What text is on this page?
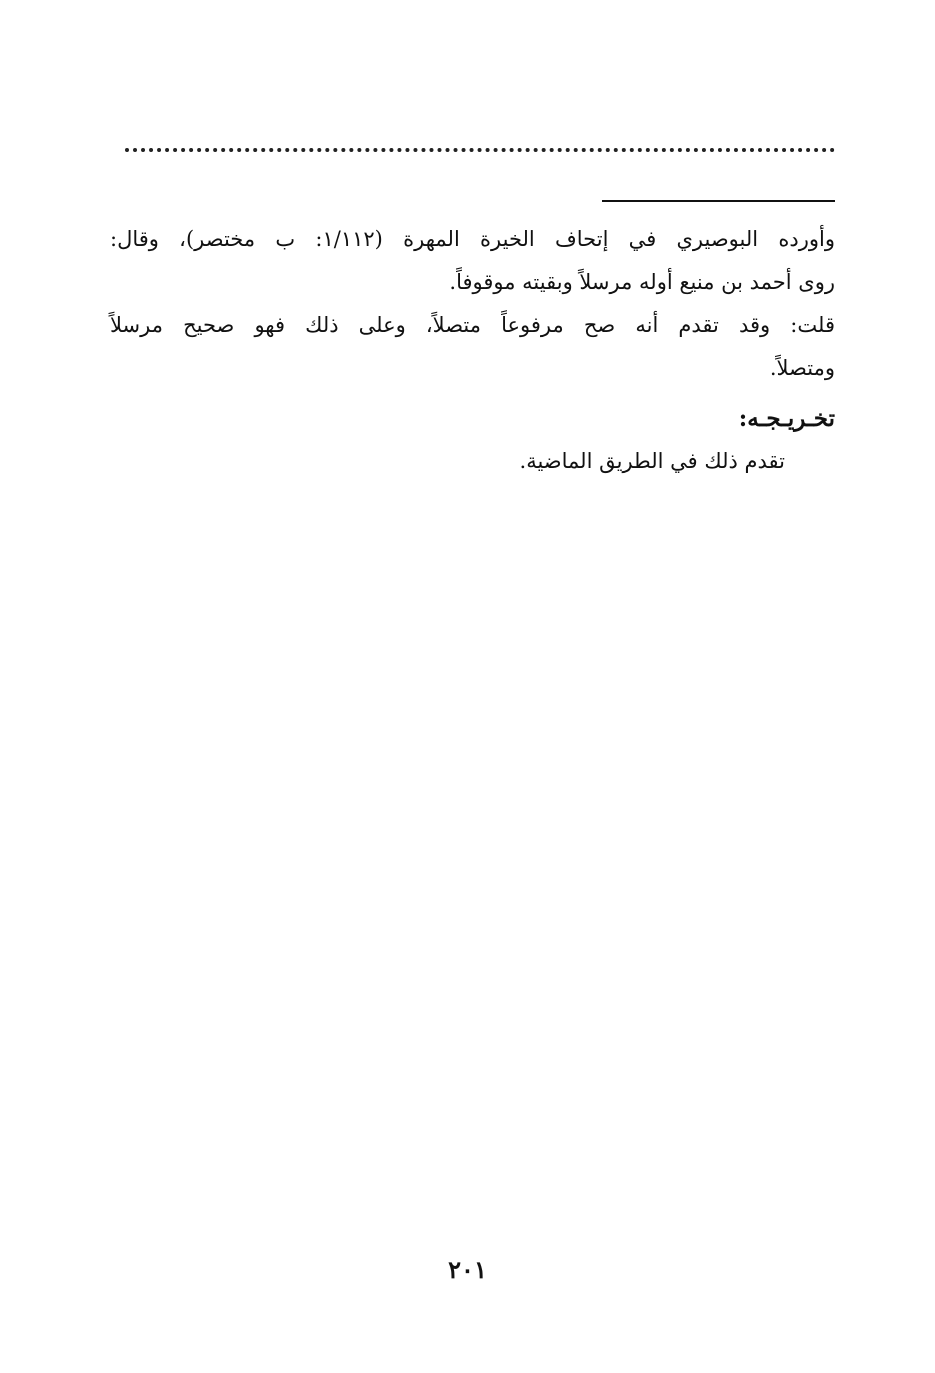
وأورده البوصيري في إتحاف الخيرة المهرة (١/١١٢: ب مختصر)، وقال:
روى أحمد بن منيع أوله مرسلاً وبقيته موقوفاً.
قلت: وقد تقدم أنه صح مرفوعاً متصلاً، وعلى ذلك فهو صحيح مرسلاً
ومتصلاً.
تخـريـجـه:
تقدم ذلك في الطريق الماضية.
٢٠١
